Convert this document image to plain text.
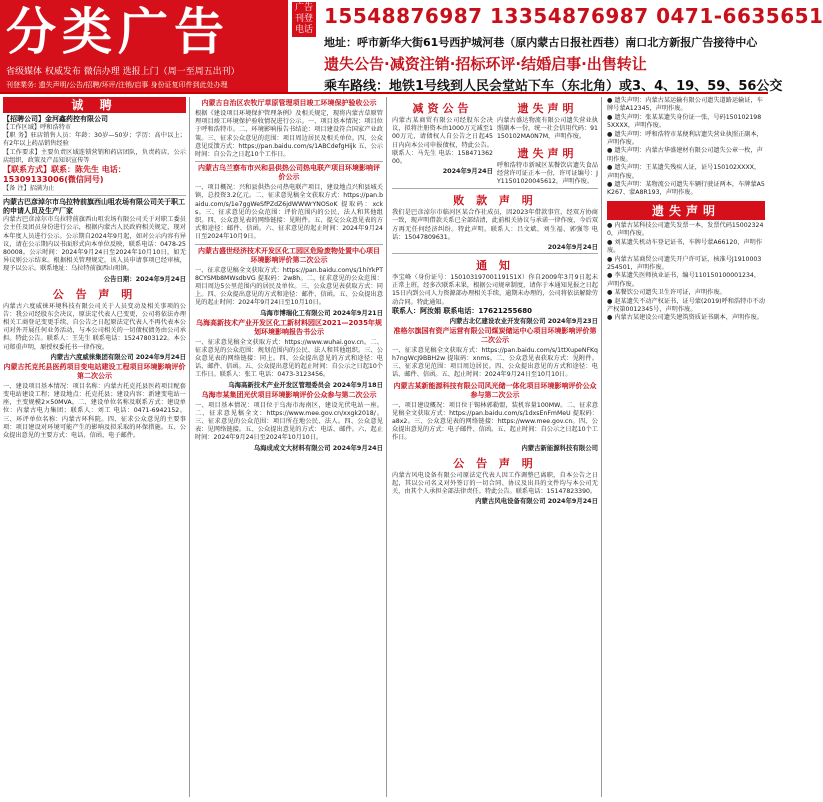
分类广告	广告刊登电话
省级媒体 权威发布 微信办理 选报上门（周一至周五出刊）
刊登業务: 遗失声明/公告/招聘/环评/注销/启事 身份证复印件到此处办理
15548876987 13354876987 0471-6635651
地址：呼市新华大街61号西护城河巷（原内蒙古日报社西巷）南口北方新报广告接待中心
遗失公告·减资注销·招标环评·结婚启事·出售转让
乘车路线：地铁1号线到人民会堂站下车（东北角）或3、4、19、59、56公交
诚 聘
【招聘公司】金河鑫药控有限公司
【工作区域】呼和浩特市
【职 务】驻店销售人员：年龄：30岁—50岁；学历：高中以上；有2年以上药品销售经验
【工作要求】主要负责区域连锁营销和药店团队，负责药店，公示店组织，政策及产品知识宣传等
【联系方式】联系：陈先生 电话：15309133006(微信同号)
【备 注】招满为止
内蒙古巴彦淖尔市乌拉特前旗西山咀农场有限公司关于职工的申请人员及生产厂家
内蒙古巴彦淖尔市乌拉特前旗西山咀农场有限公司关于对职工委员会主任及团员身份进行公示，根据内蒙古人民政府相关规定，现对本年度人员进行公示。公示期自2024年9月起，如对公示内容有异议，请在公示期内以书面形式向本单位反映，联系电话：0478-2580008。公示时间：2024年9月24日至2024年10月10日，如无异议则公示结束。根据相关管理规定，该人员申请事项已经审核，现予以公示。联系地址：乌拉特前旗西山咀镇。
公告日期：2024年9月24日
公 告 声 明
内蒙古六度威徕环境科技有限公司关于人员变动及相关事项的公告：我公司经股东会决议，原法定代表人已变更，公司将依法办理相关工商登记变更手续，自公告之日起原法定代表人不再代表本公司对外开展任何业务活动，与本公司相关的一切债权债务由公司承担。特此公告。联系人：王先生 联系电话：15247803122。本公司郑重声明，原授权委托书一律作废。
内蒙古六度威徕集团有限公司 2024年9月24日
内蒙古托克托县医药项目变电站建设工程项目环境影响评价第二次公示
一、建设项目基本情况：项目名称：内蒙古托克托县医药项目配套变电站建设工程；建设地点：托克托县；建设内容：新建变电站一座，主变规模2×50MVA。二、建设单位名称及联系方式：建设单位：内蒙古电力集团；联系人：刘工 电话：0471-6942152。三、环评单位名称：内蒙古环科院。四、征求公众意见的主要事项：项目建设对环境可能产生的影响及拟采取的环保措施。五、公众提出意见的主要方式：电话、信函、电子邮件。
内蒙古自治区农牧厅草原管理项目竣工环境保护验收公示
根据《建设项目环境保护管理条例》及相关规定，现将内蒙古草原管理项目竣工环境保护验收情况进行公示。一、项目基本情况：项目位于呼和浩特市。二、环境影响报告书结论：项目建设符合国家产业政策。三、征求公众意见的范围：项目周边居民及相关单位。四、公众意见反馈方式：https://pan.baidu.com/s/1ABCdefgHijk 五、公示时间：自公告之日起10个工作日。
内蒙古乌兰察布市兴和县供热公司热电联产项目环境影响评价公示
一、项目概况：兴和县供热公司热电联产项目，建设地点兴和县城关镇，总投资3.2亿元。二、征求意见稿全文获取方式：https://pan.baidu.com/s/1e7ggWeSfPZdZ6jdWWWrYNOSoK 提取码：xcks。三、征求意见的公众范围：评价范围内的公民、法人和其他组织。四、公众意见表的网络链接：见附件。五、提交公众意见表的方式和途径：邮件、信函。六、征求意见的起止时间：2024年9月24日至2024年10月9日。
内蒙古盛世经济技术开发区化工园区危险废物处置中心项目环境影响评价第二次公示
一、征求意见稿全文获取方式：https://pan.baidu.com/s/1hiYkPT8CYSMb8MWsdbVG 提取码：2w8h。二、征求意见的公众范围：项目周边5公里范围内的居民及单位。三、公众意见表获取方式：同上。四、公众提出意见的方式和途径：邮件、信函。五、公众提出意见的起止时间：2024年9月24日至10月10日。
乌海市博瑞化工有限公司 2024年9月21日
乌海高新技术产业开发区化工新材料园区2021—2035年规划环境影响报告书公示
一、征求意见稿全文获取方式：https://www.wuhai.gov.cn。二、征求意见的公众范围：规划范围内的公民、法人和其他组织。三、公众意见表的网络链接：同上。四、公众提出意见的方式和途径：电话、邮件、信函。五、公众提出意见的起止时间：自公示之日起10个工作日。联系人：张工 电话：0473-3123456。
乌海高新技术产业开发区管理委员会 2024年9月18日
乌海市某集团光伏项目环境影响评价公众参与第二次公示
一、项目基本情况：项目位于乌海市海南区，建设光伏电站一座。二、征求意见稿全文：https://www.mee.gov.cn/xxgk2018/。三、征求意见的公众范围：项目所在地公民、法人。四、公众意见表：见网络链接。五、公众提出意见的方式：电话、邮件。六、起止时间：2024年9月24日至2024年10月10日。
乌海成成文大材料有限公司 2024年9月24日
减资公告
内蒙古某商贸有限公司经股东会决议，拟将注册资本由1000万元减至100万元，请债权人自公告之日起45日内向本公司申报债权，特此公告。联系人：马先生 电话：15847136200。
2024年9月24日
遗失声明
内蒙古盛达物流有限公司遗失营业执照副本一份，统一社会信用代码：91150102MA0N7M，声明作废。
遗失声明
呼和浩特市新城区某餐饮店遗失食品经营许可证正本一份，许可证编号：JY11501020045612，声明作废。
败 款 声 明
我们是巴彦淖尔市临河区某合作社成员，因2023年借款事宜，经双方协商一致，现声明借款关系已全部结清，此前相关协议与承诺一律作废，今后双方再无任何经济纠纷。特此声明。联系人：吕文斌、刘生福、郭强等 电话：15047809631。
2024年9月24日
通 知
李宝峰（身份证号：15010319700119151X）你自2009年3月9日起未正常上班，经多次联系未果，根据公司规章制度，请你于本通知见报之日起15日内到公司人力资源部办理相关手续，逾期未办理的，公司将依法解除劳动合同。特此通知。
联系人：阿汝娟 联系电话：17621255680
内蒙古北亿建设农业开发有限公司 2024年9月23日
准格尔旗国有资产运营有限公司煤炭储运中心项目环境影响评价第二次公示
一、征求意见稿全文获取方式：https://pan.baidu.com/s/1ttXupeNFKqh7ngWcJ9BBH2w 提取码：xnms。二、公众意见表获取方式：见附件。三、征求意见范围：项目周边居民。四、公众提出意见的方式和途径：电话、邮件、信函。五、起止时间：2024年9月24日至10月10日。
内蒙古某新能源科技有限公司风光储一体化项目环境影响评价公众参与第二次公示
一、项目建设概况：项目位于锡林郭勒盟，装机容量100MW。二、征求意见稿全文获取方式：https://pan.baidu.com/s/1dxsEnFmMeU 提取码：a8x2。三、公众意见表的网络链接：https://www.mee.gov.cn。四、公众提出意见的方式：电子邮件、信函。五、起止时间：自公示之日起10个工作日。
内蒙古新能源科技有限公司
公 告 声 明
内蒙古风电设备有限公司原法定代表人因工作调整已离职，自本公告之日起，其以公司名义对外签订的一切合同、协议及出具的文件均与本公司无关，由其个人承担全部法律责任。特此公告。联系电话：15147823390。
内蒙古风电设备有限公司 2024年9月24日
● 遗失声明：内蒙古某运输有限公司遗失道路运输证，车牌号蒙A12345，声明作废。
● 遗失声明：张某某遗失身份证一张，号码1501021985XXXX，声明作废。
● 遗失声明：呼和浩特市某便利店遗失营业执照正副本，声明作废。
● 遗失声明：内蒙古华盛建材有限公司遗失公章一枚，声明作废。
● 遗失声明：王某遗失残疾人证，证号150102XXXX，声明作废。
● 遗失声明：某物流公司遗失车辆行驶证两本，车牌蒙A5K267、蒙A8R193，声明作废。
遗失声明
● 内蒙古某科技公司遗失发票一本，发票代码150023240，声明作废。
● 刘某遗失机动车登记证书，车牌号蒙A66120，声明作废。
● 内蒙古某商贸公司遗失开户许可证，核准号J1910003254501，声明作废。
● 李某遗失医师执业证书，编号110150100001234，声明作废。
● 某餐饮公司遗失卫生许可证，声明作废。
● 赵某遗失不动产权证书，证号蒙(2019)呼和浩特市不动产权第0012345号，声明作废。
● 内蒙古某建设公司遗失建筑资质证书副本，声明作废。
